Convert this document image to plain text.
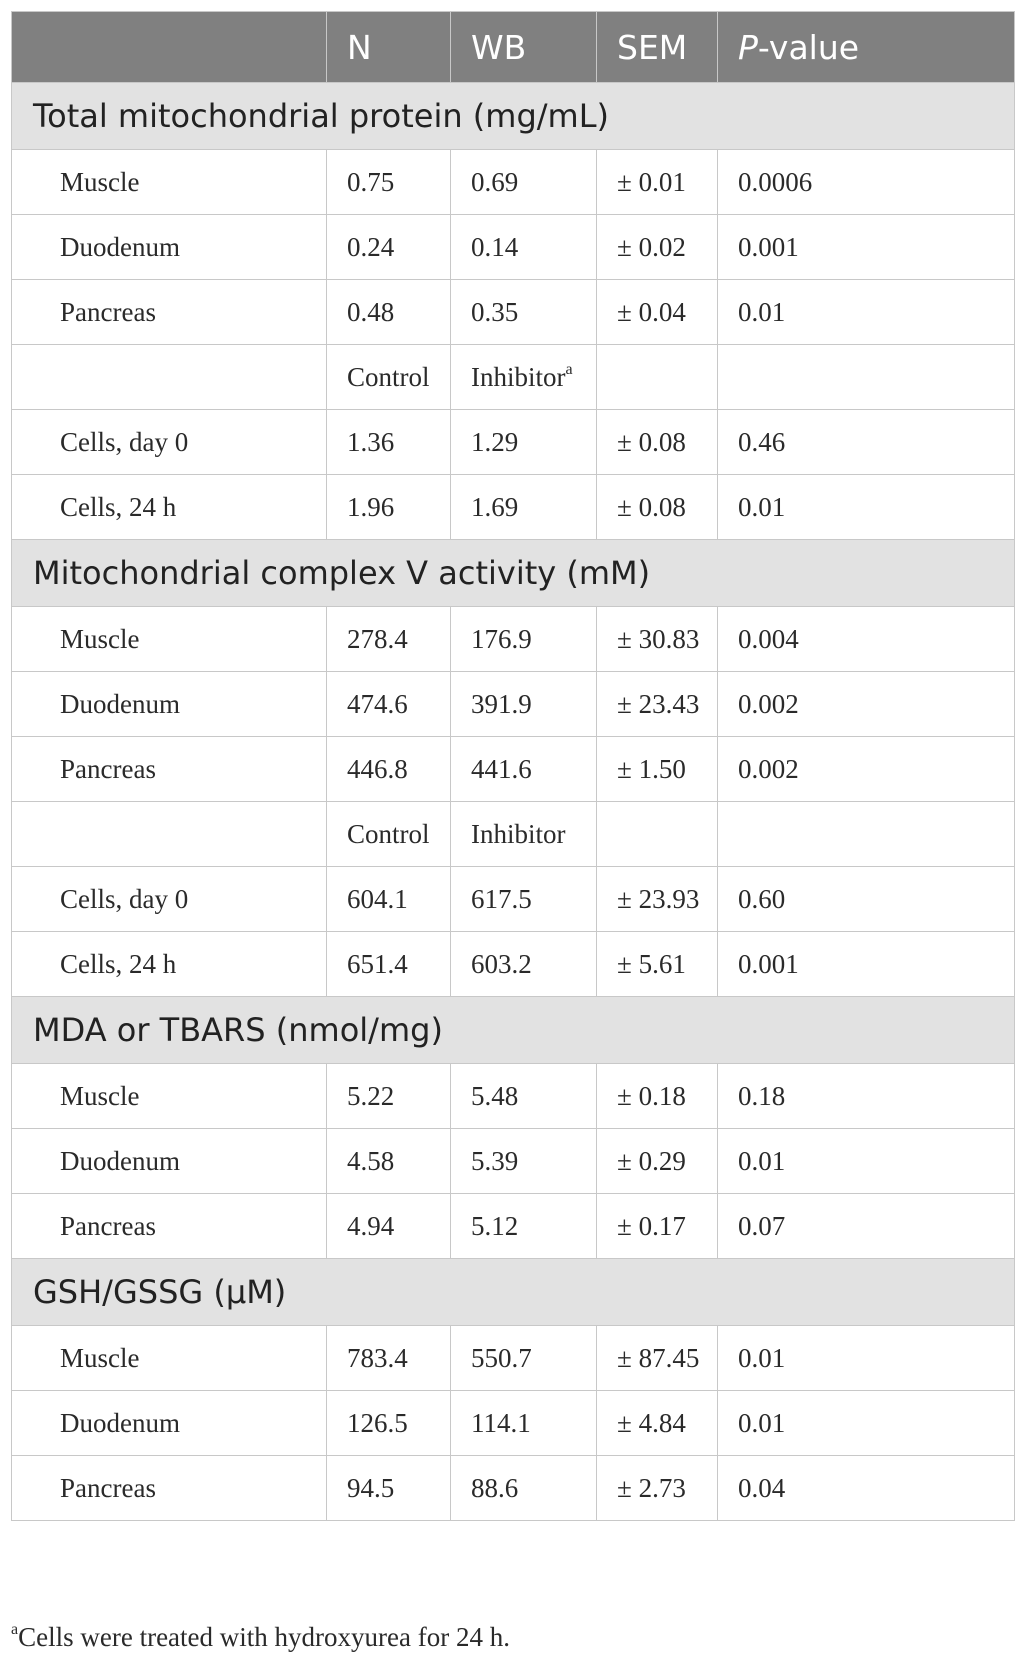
	N	WB	SEM	P-value
Total mitochondrial protein (mg/mL)				
Muscle	0.75	0.69	± 0.01	0.0006
Duodenum	0.24	0.14	± 0.02	0.001
Pancreas	0.48	0.35	± 0.04	0.01
	Control	Inhibitor$^a$		
Cells, day 0	1.36	1.29	± 0.08	0.46
Cells, 24 h	1.96	1.69	± 0.08	0.01
Mitochondrial complex V activity (mM)				
Muscle	278.4	176.9	± 30.83	0.004
Duodenum	474.6	391.9	± 23.43	0.002
Pancreas	446.8	441.6	± 1.50	0.002
	Control	Inhibitor		
Cells, day 0	604.1	617.5	± 23.93	0.60
Cells, 24 h	651.4	603.2	± 5.61	0.001
MDA or TBARS (nmol/mg)				
Muscle	5.22	5.48	± 0.18	0.18
Duodenum	4.58	5.39	± 0.29	0.01
Pancreas	4.94	5.12	± 0.17	0.07
GSH/GSSG (µM)				
Muscle	783.4	550.7	± 87.45	0.01
Duodenum	126.5	114.1	± 4.84	0.01
Pancreas	94.5	88.6	± 2.73	0.04
$^a$Cells were treated with hydroxyurea for 24 h.
